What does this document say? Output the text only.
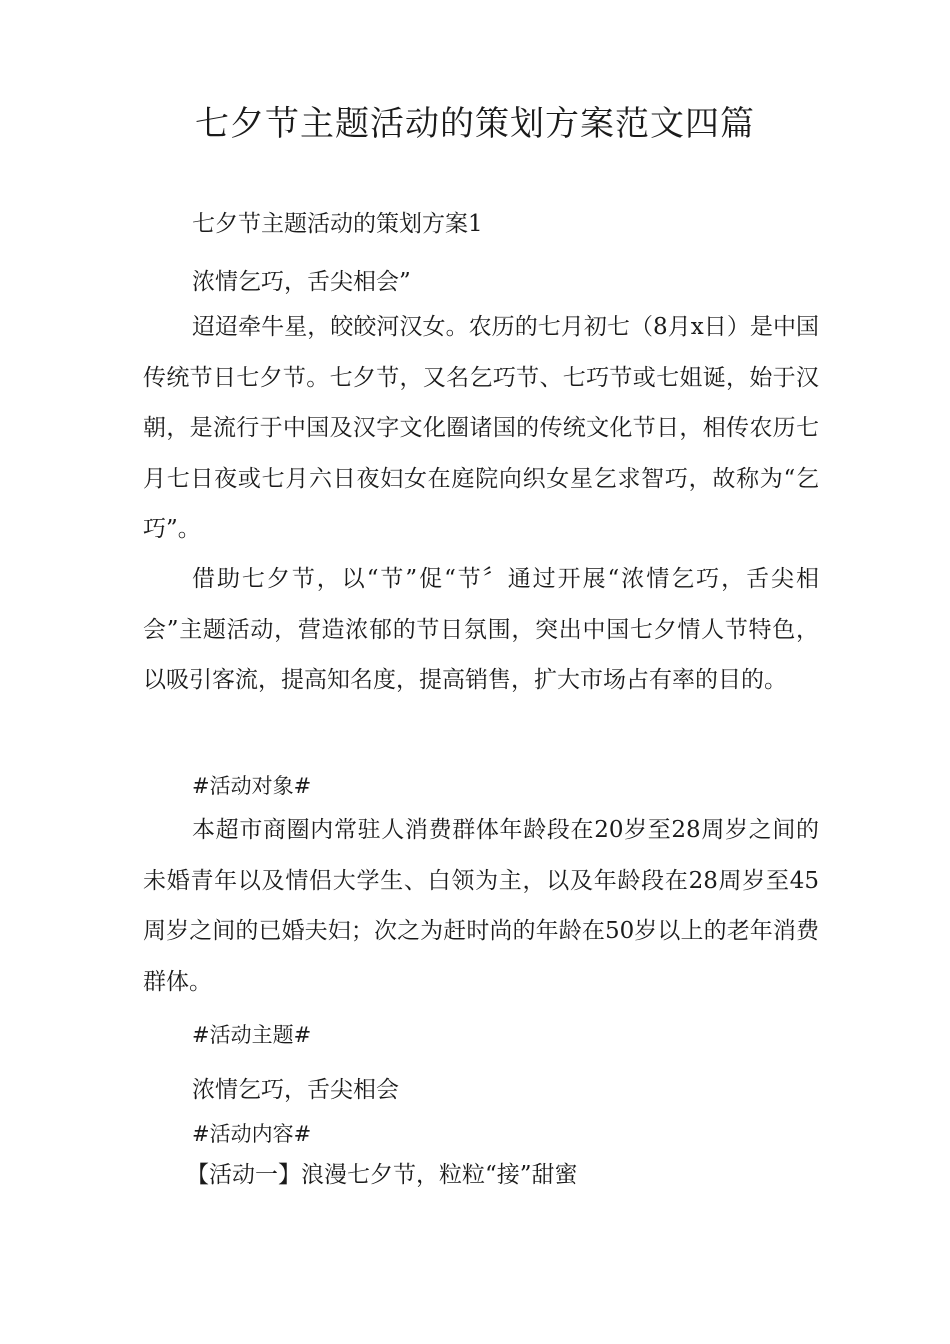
七夕节主题活动的策划方案范文四篇
七夕节主题活动的策划方案1
浓情乞巧，舌尖相会”
迢迢牵牛星，皎皎河汉女。农历的七月初七（8月x日）是中国传统节日七夕节。七夕节，又名乞巧节、七巧节或七姐诞，始于汉朝，是流行于中国及汉字文化圈诸国的传统文化节日，相传农历七月七日夜或七月六日夜妇女在庭院向织女星乞求智巧，故称为“乞巧”。
借助七夕节，以“节”促“节〞通过开展“浓情乞巧，舌尖相会”主题活动，营造浓郁的节日氛围，突出中国七夕情人节特色，以吸引客流，提高知名度，提高销售，扩大市场占有率的目的。
#活动对象#
本超市商圈内常驻人消费群体年龄段在20岁至28周岁之间的未婚青年以及情侣大学生、白领为主，以及年龄段在28周岁至45周岁之间的已婚夫妇；次之为赶时尚的年龄在50岁以上的老年消费群体。
#活动主题#
浓情乞巧，舌尖相会
#活动内容#
【活动一】浪漫七夕节，粒粒“接”甜蜜
